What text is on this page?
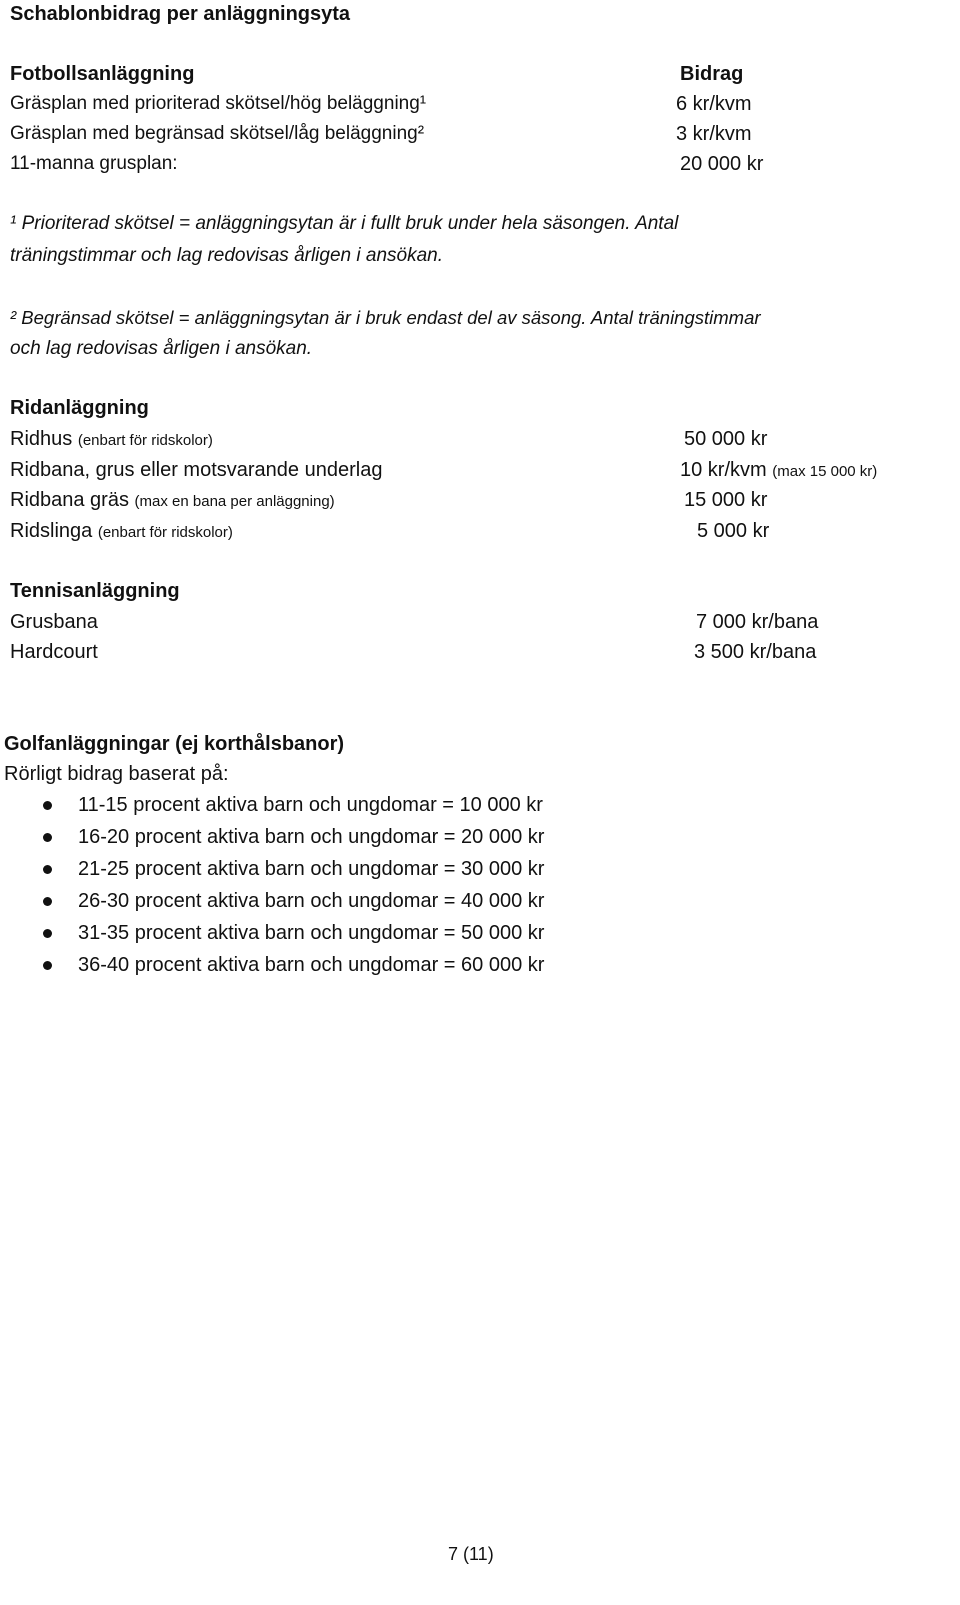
Schablonbidrag per anläggningsyta
Fotbollsanläggning	Bidrag
Gräsplan med prioriterad skötsel/hög beläggning¹	6 kr/kvm
Gräsplan med begränsad skötsel/låg beläggning²	3 kr/kvm
11-manna grusplan:	20 000 kr
¹ Prioriterad skötsel = anläggningsytan är i fullt bruk under hela säsongen. Antal
träningstimmar och lag redovisas årligen i ansökan.
² Begränsad skötsel = anläggningsytan är i bruk endast del av säsong. Antal träningstimmar
och lag redovisas årligen i ansökan.
Ridanläggning
Ridhus (enbart för ridskolor)	50 000 kr
Ridbana, grus eller motsvarande underlag	10 kr/kvm (max 15 000 kr)
Ridbana gräs (max en bana per anläggning)	15 000 kr
Ridslinga (enbart för ridskolor)	5 000 kr
Tennisanläggning
Grusbana	7 000 kr/bana
Hardcourt	3 500 kr/bana
Golfanläggningar (ej korthålsbanor)
Rörligt bidrag baserat på:
11-15 procent aktiva barn och ungdomar = 10 000 kr
16-20 procent aktiva barn och ungdomar = 20 000 kr
21-25 procent aktiva barn och ungdomar = 30 000 kr
26-30 procent aktiva barn och ungdomar = 40 000 kr
31-35 procent aktiva barn och ungdomar = 50 000 kr
36-40 procent aktiva barn och ungdomar = 60 000 kr
7 (11)
